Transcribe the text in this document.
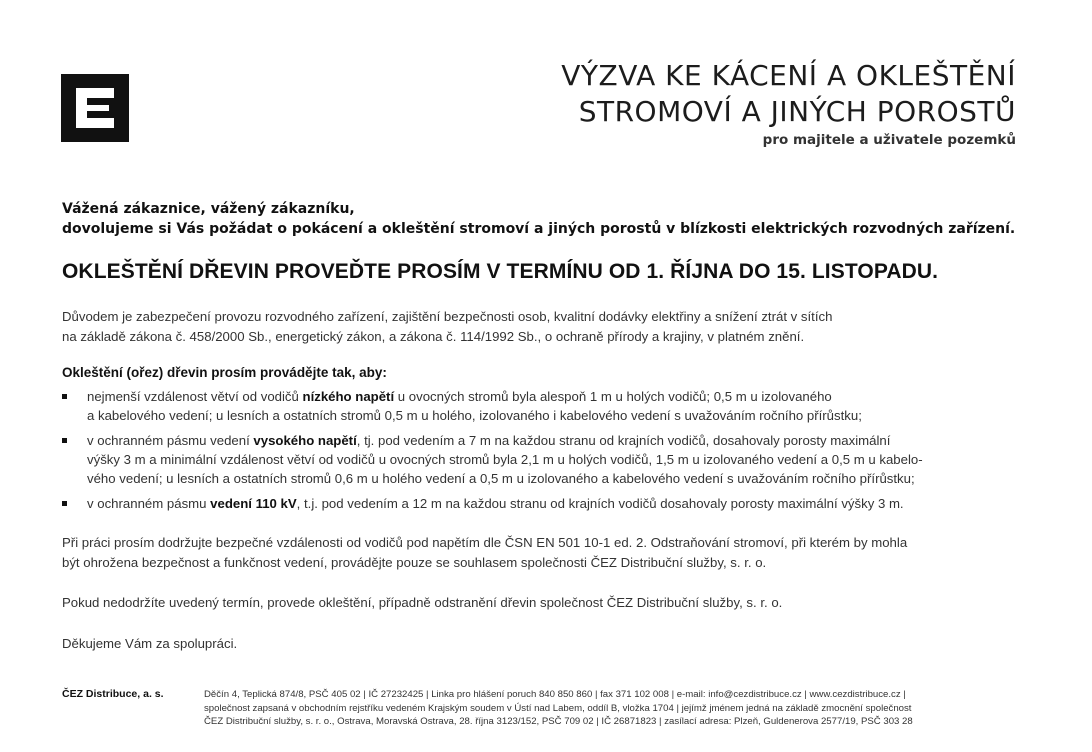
VÝZVA KE KÁCENÍ A OKLEŠTĚNÍ
STROMOVÍ A JINÝCH POROSTŮ
pro majitele a uživatele pozemků
Vážená zákaznice, vážený zákazníku,
dovolujeme si Vás požádat o pokácení a okleštění stromoví a jiných porostů v blízkosti elektrických rozvodných zařízení.
OKLEŠTĚNÍ DŘEVIN PROVEĎTE PROSÍM V TERMÍNU OD 1. ŘÍJNA DO 15. LISTOPADU.
Důvodem je zabezpečení provozu rozvodného zařízení, zajištění bezpečnosti osob, kvalitní dodávky elektřiny a snížení ztrát v sítích
na základě zákona č. 458/2000 Sb., energetický zákon, a zákona č. 114/1992 Sb., o ochraně přírody a krajiny, v platném znění.
Okleštění (ořez) dřevin prosím provádějte tak, aby:
nejmenší vzdálenost větví od vodičů nízkého napětí u ovocných stromů byla alespoň 1 m u holých vodičů; 0,5 m u izolovaného
a kabelového vedení; u lesních a ostatních stromů 0,5 m u holého, izolovaného i kabelového vedení s uvažováním ročního přírůstku;
v ochranném pásmu vedení vysokého napětí, tj. pod vedením a 7 m na každou stranu od krajních vodičů, dosahovaly porosty maximální
výšky 3 m a minimální vzdálenost větví od vodičů u ovocných stromů byla 2,1 m u holých vodičů, 1,5 m u izolovaného vedení a 0,5 m u kabelo-
vého vedení; u lesních a ostatních stromů 0,6 m u holého vedení a 0,5 m u izolovaného a kabelového vedení s uvažováním ročního přírůstku;
v ochranném pásmu vedení 110 kV, t.j. pod vedením a 12 m na každou stranu od krajních vodičů dosahovaly porosty maximální výšky 3 m.
Při práci prosím dodržujte bezpečné vzdálenosti od vodičů pod napětím dle ČSN EN 501 10-1 ed. 2. Odstraňování stromoví, při kterém by mohla
být ohrožena bezpečnost a funkčnost vedení, provádějte pouze se souhlasem společnosti ČEZ Distribuční služby, s. r. o.
Pokud nedodržíte uvedený termín, provede okleštění, případně odstranění dřevin společnost ČEZ Distribuční služby, s. r. o.
Děkujeme Vám za spolupráci.
ČEZ Distribuce, a. s.	Děčín 4, Teplická 874/8, PSČ 405 02 | IČ 27232425 | Linka pro hlášení poruch 840 850 860 | fax 371 102 008 | e-mail: info@cezdistribuce.cz | www.cezdistribuce.cz |
společnost zapsaná v obchodním rejstříku vedeném Krajským soudem v Ústí nad Labem, oddíl B, vložka 1704 | jejímž jménem jedná na základě zmocnění společnost
ČEZ Distribuční služby, s. r. o., Ostrava, Moravská Ostrava, 28. října 3123/152, PSČ 709 02 | IČ 26871823 | zasílací adresa: Plzeň, Guldenerova 2577/19, PSČ 303 28
